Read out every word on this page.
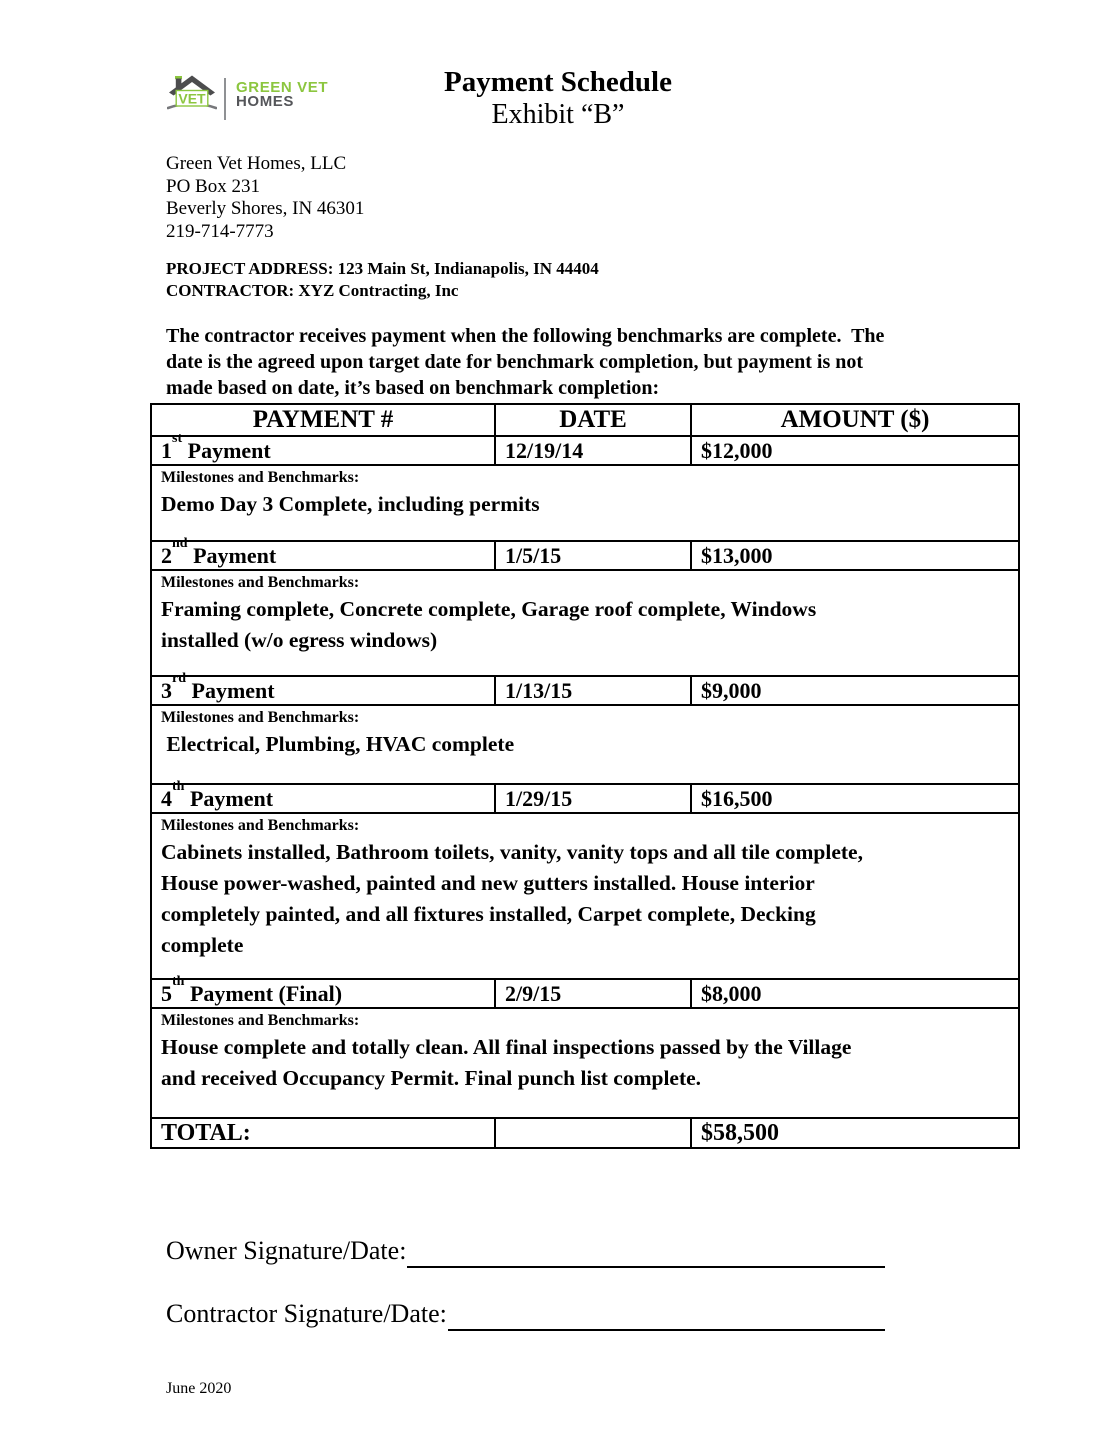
VET
GREEN VET
HOMES
Payment Schedule
Exhibit “B”
Green Vet Homes, LLC
PO Box 231
Beverly Shores, IN 46301
219-714-7773
PROJECT ADDRESS: 123 Main St, Indianapolis, IN 44404
CONTRACTOR: XYZ Contracting, Inc
The contractor receives payment when the following benchmarks are complete.  The
date is the agreed upon target date for benchmark completion, but payment is not
made based on date, it’s based on benchmark completion:
PAYMENT #	DATE	AMOUNT ($)
1st Payment	12/19/14	$12,000

Milestones and Benchmarks:
Demo Day 3 Complete, including permits		

2nd Payment	1/5/15	$13,000

Milestones and Benchmarks:
Framing complete, Concrete complete, Garage roof complete, Windows
installed (w/o egress windows)		

3rd Payment	1/13/15	$9,000

Milestones and Benchmarks:
Electrical, Plumbing, HVAC complete		

4th Payment	1/29/15	$16,500

Milestones and Benchmarks:
Cabinets installed, Bathroom toilets, vanity, vanity tops and all tile complete,
House power-washed, painted and new gutters installed. House interior
completely painted, and all fixtures installed, Carpet complete, Decking
complete		

5th Payment (Final)	2/9/15	$8,000

Milestones and Benchmarks:
House complete and totally clean. All final inspections passed by the Village
and received Occupancy Permit. Final punch list complete.		

TOTAL:		$58,500
Owner Signature/Date:
Contractor Signature/Date:
June 2020
